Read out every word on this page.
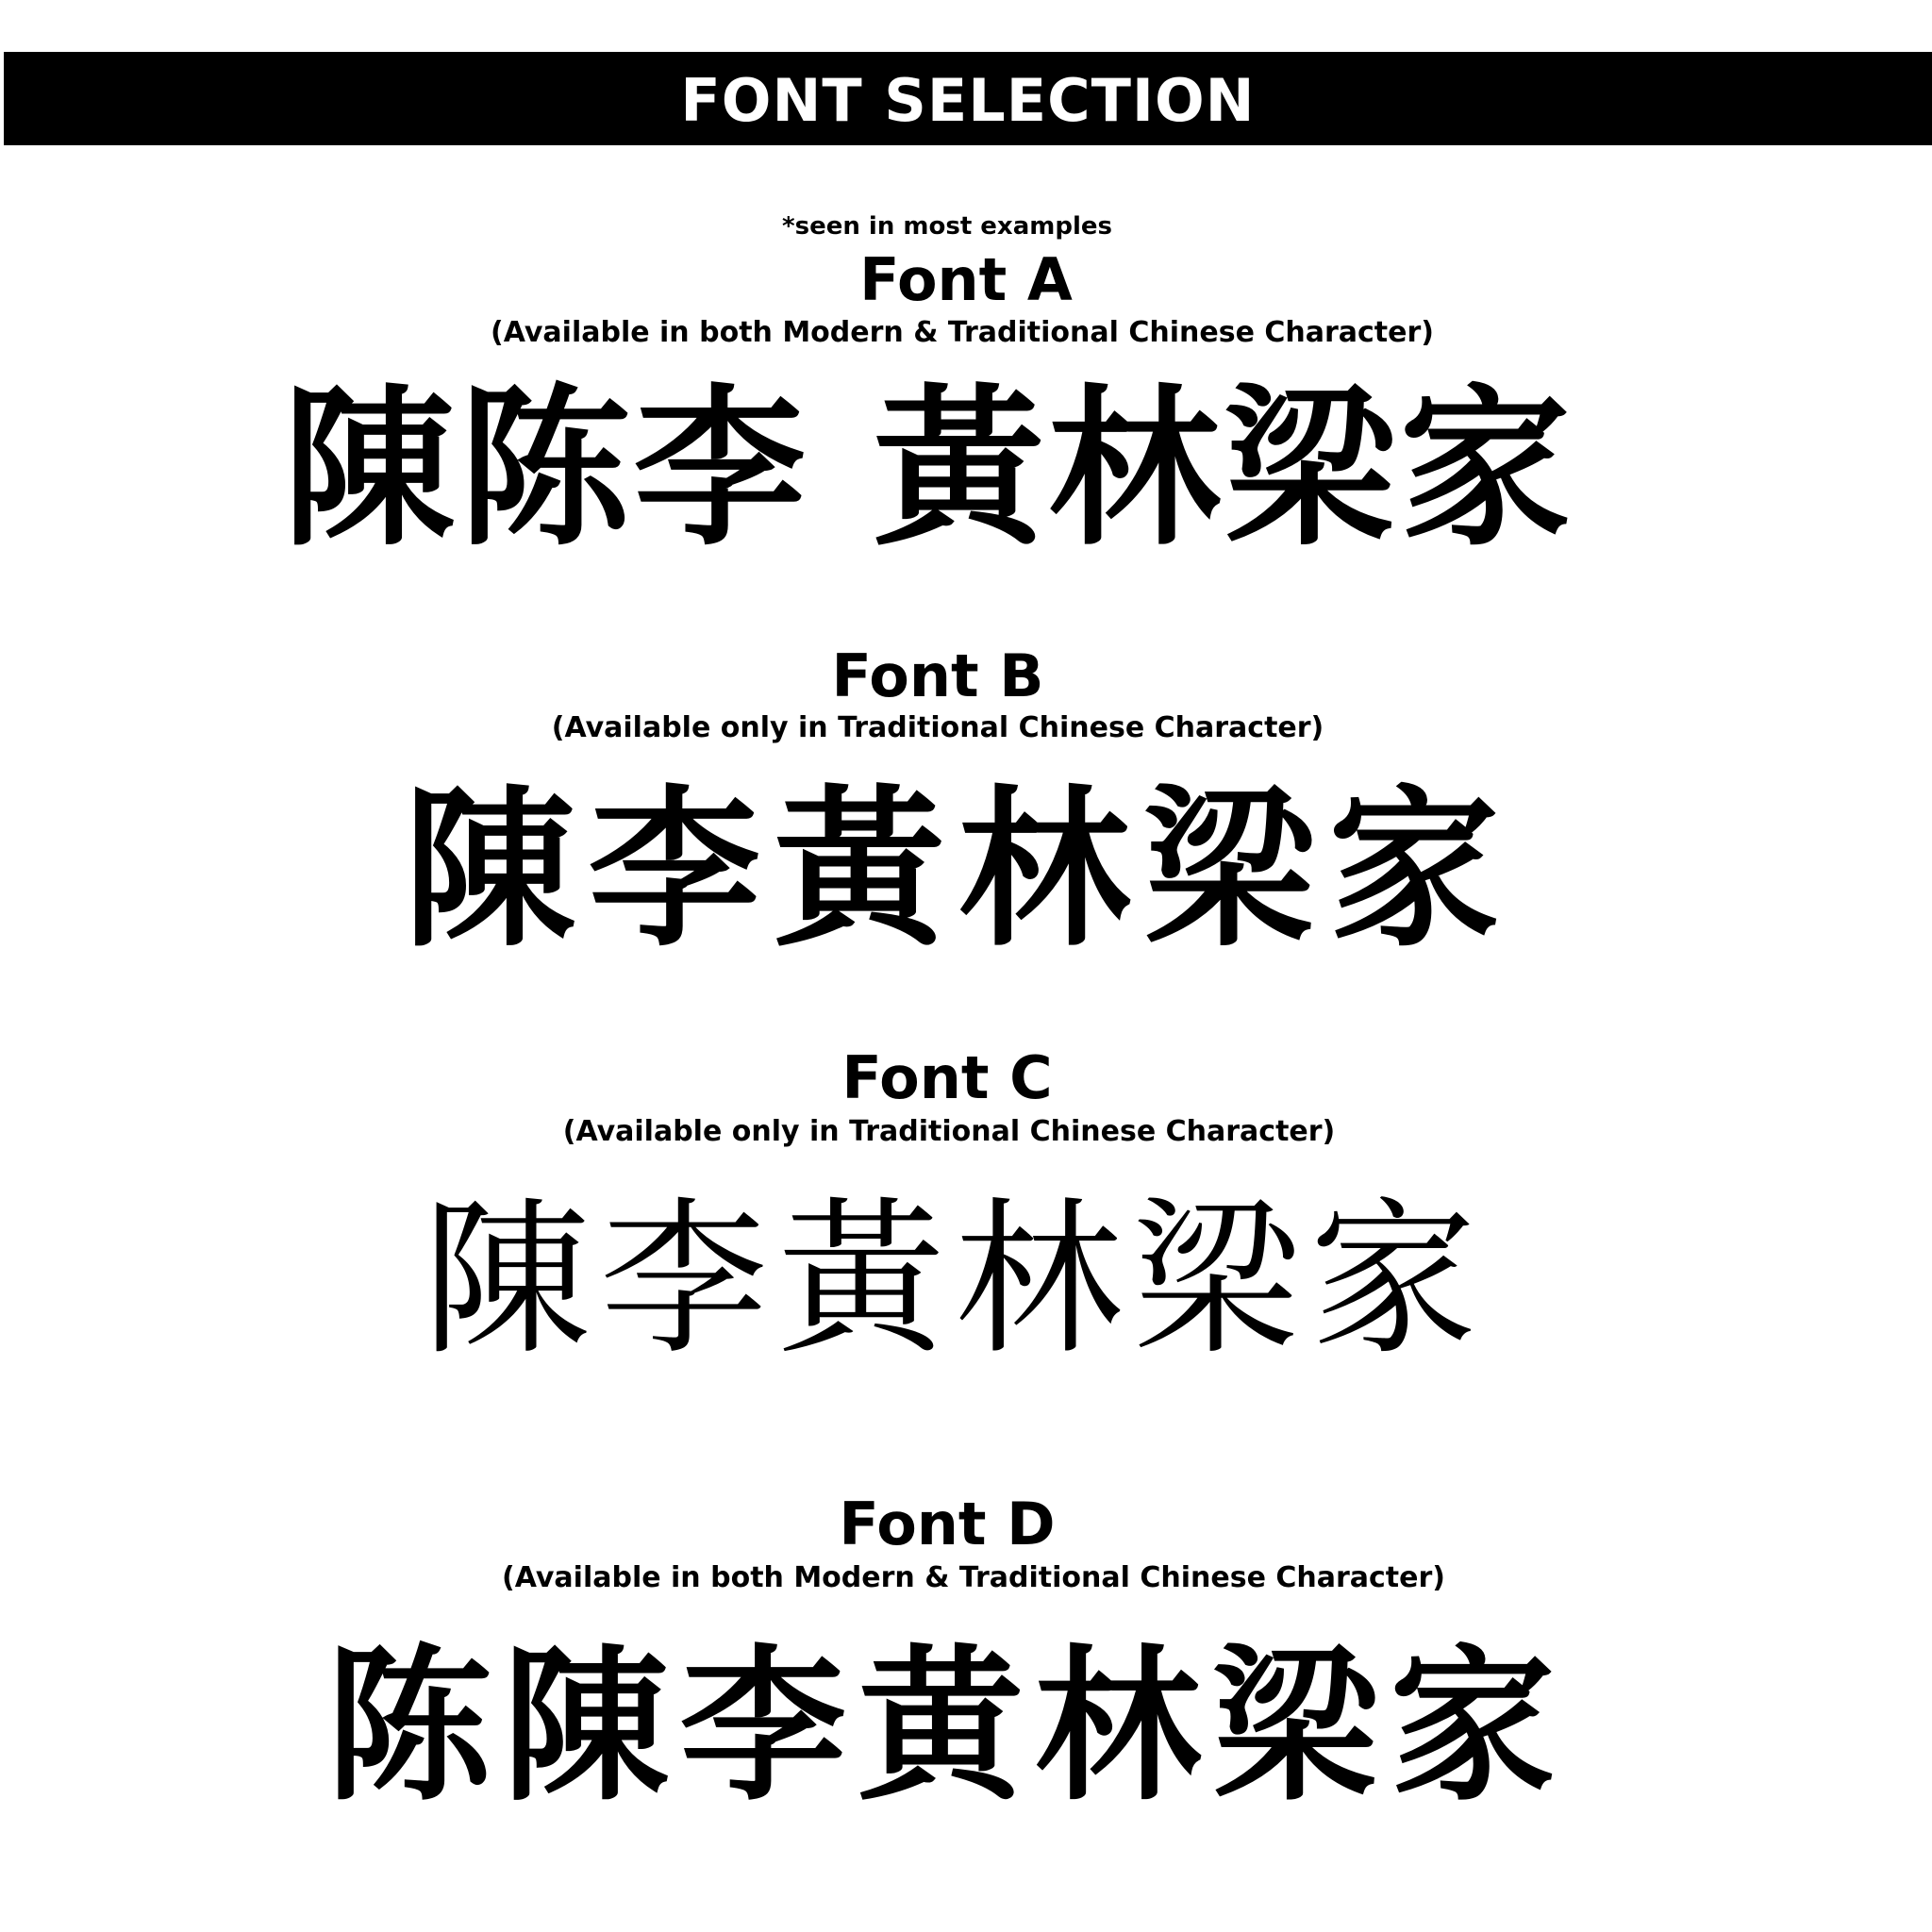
FONT SELECTION
*seen in most examples
Font A
(Available in both Modern & Traditional Chinese Character)
陳陈李 黃林梁家
Font B
(Available only in Traditional Chinese Character)
陳李黃林梁家
Font C
(Available only in Traditional Chinese Character)
陳李黃林梁家
Font D
(Available in both Modern & Traditional Chinese Character)
陈陳李黄林梁家
